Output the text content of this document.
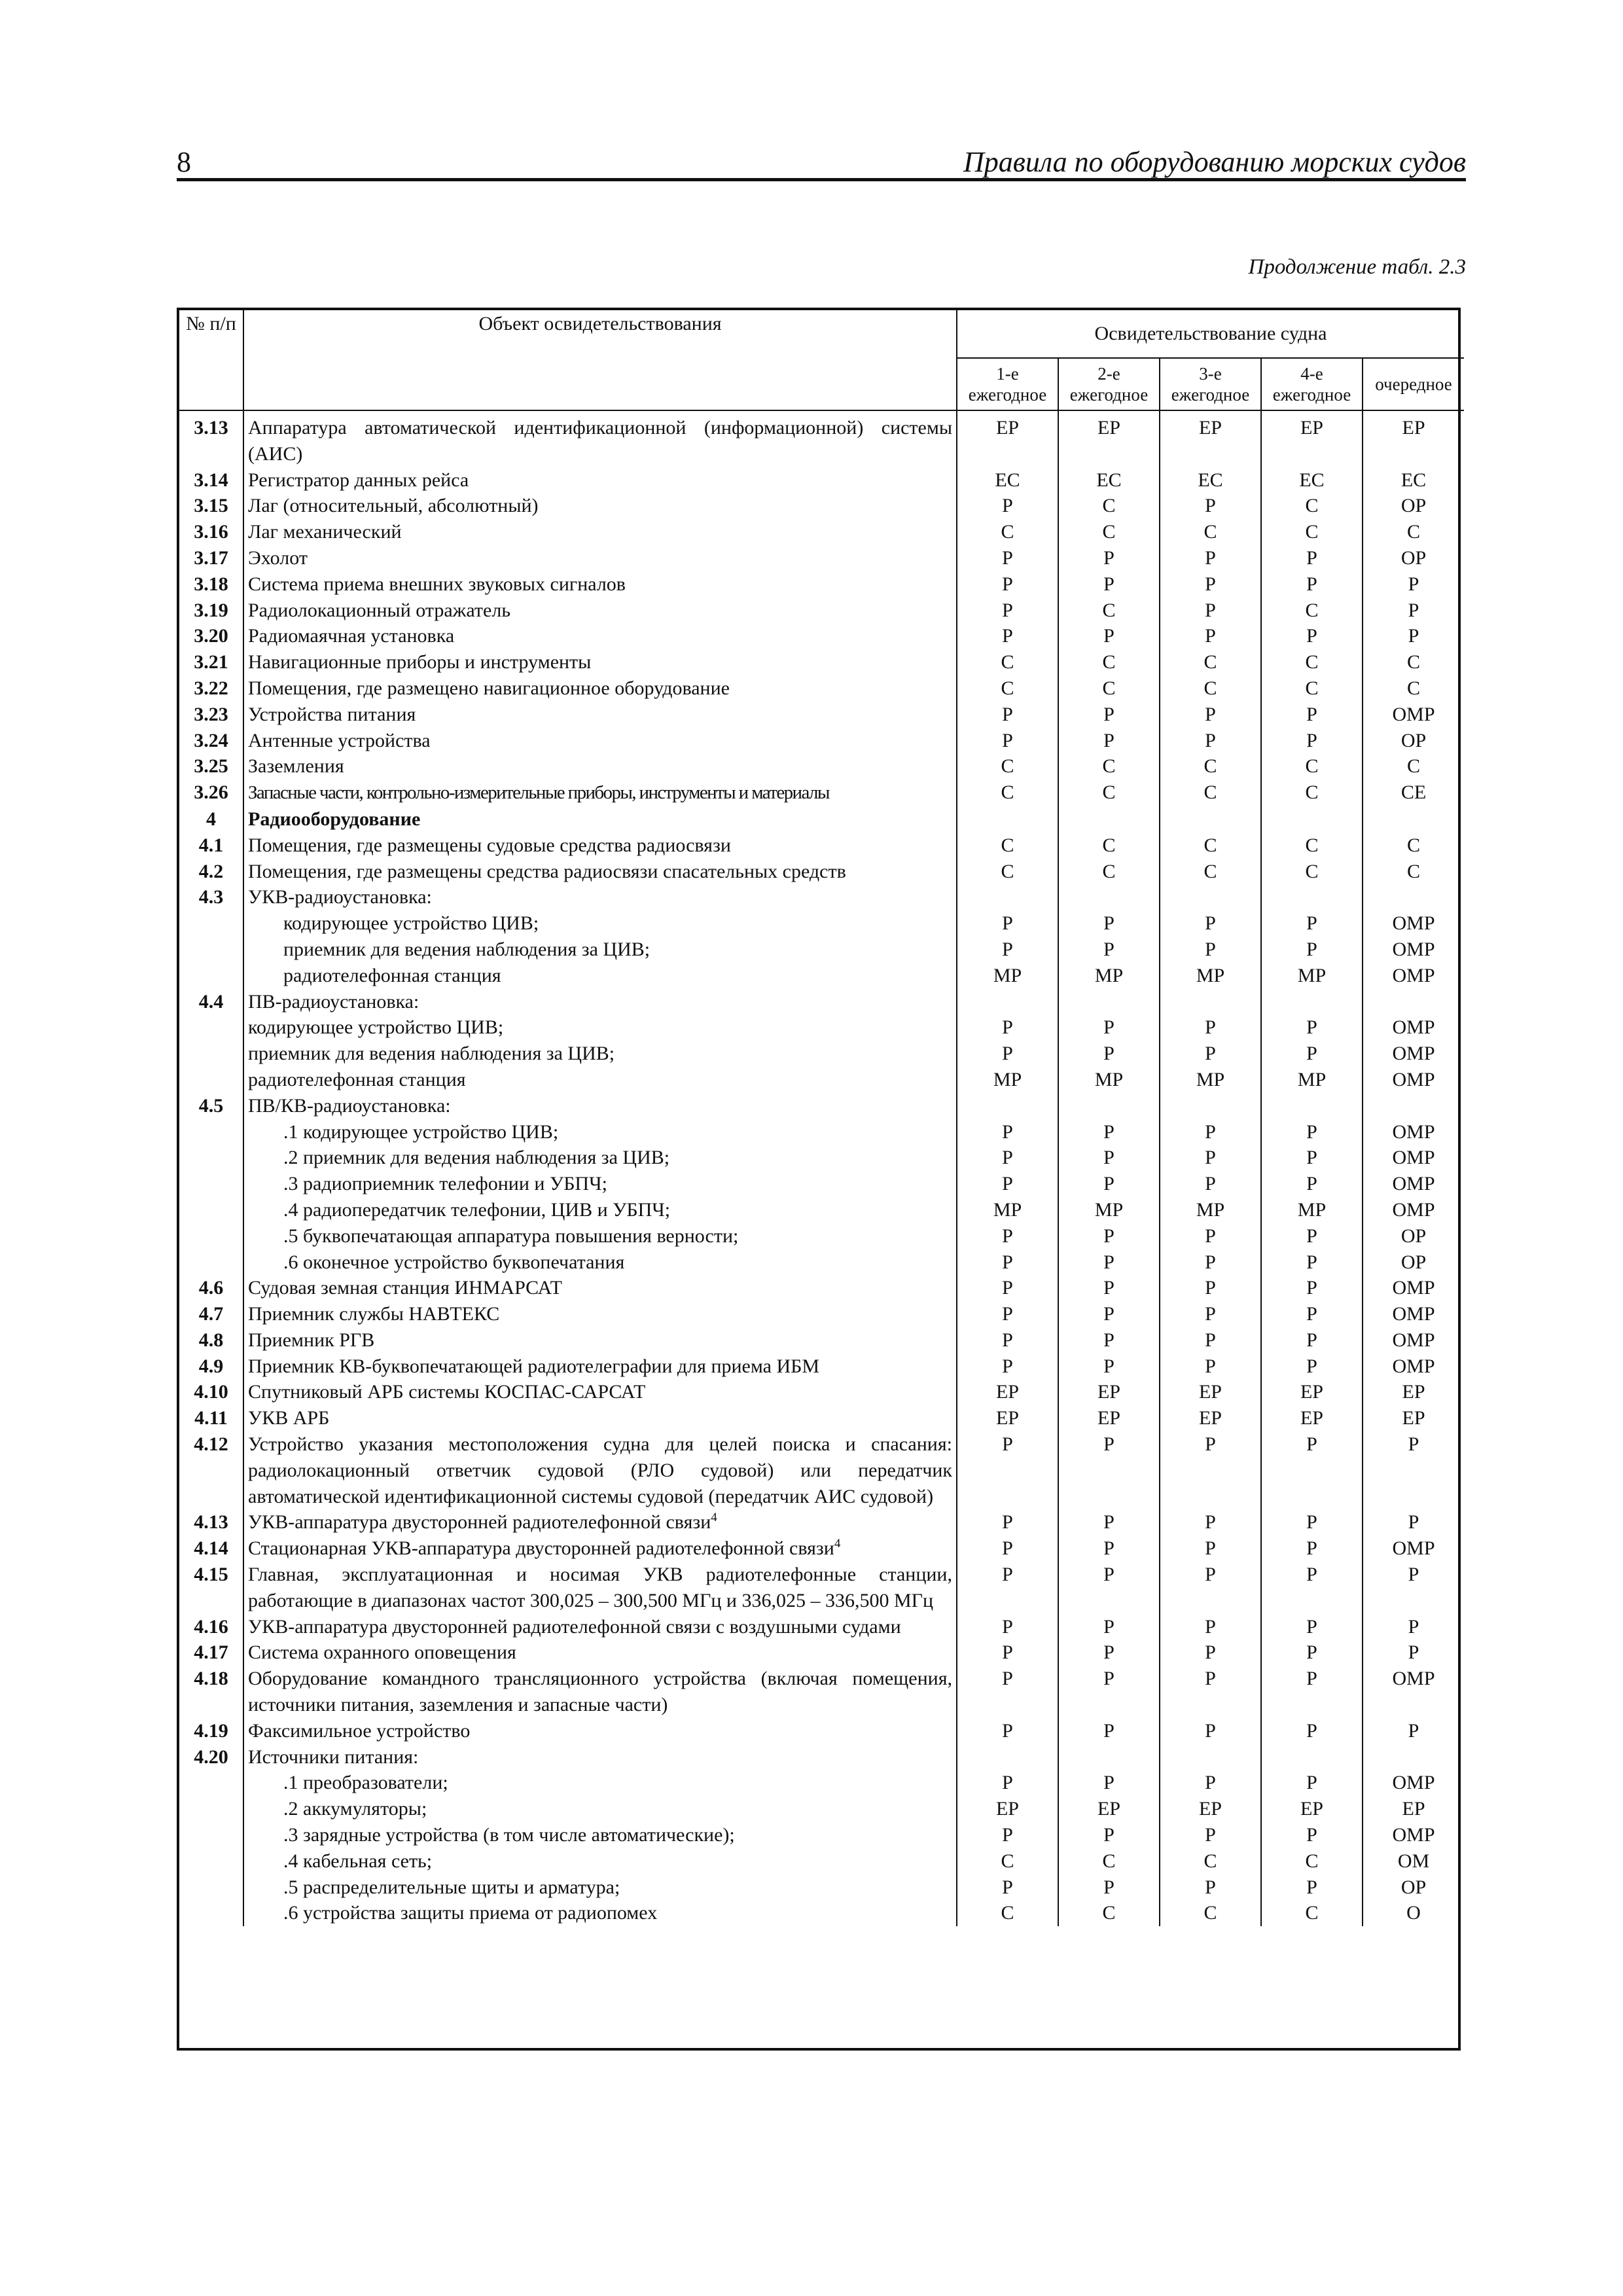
8	Правила по оборудованию морских судов
Продолжение табл. 2.3
№ п/п	Объект освидетельствования	Освидетельствование судна				
		1-е ежегодное	2-е ежегодное	3-е ежегодное	4-е ежегодное	очередное
3.13	Аппаратура автоматической идентификационной (информационной) системы (АИС)	ЕР	ЕР	ЕР	ЕР	ЕР
3.14	Регистратор данных рейса	ЕС	ЕС	ЕС	ЕС	ЕС
3.15	Лаг (относительный, абсолютный)	Р	С	Р	С	ОР
3.16	Лаг механический	С	С	С	С	С
3.17	Эхолот	Р	Р	Р	Р	ОР
3.18	Система приема внешних звуковых сигналов	Р	Р	Р	Р	Р
3.19	Радиолокационный отражатель	Р	С	Р	С	Р
3.20	Радиомаячная установка	Р	Р	Р	Р	Р
3.21	Навигационные приборы и инструменты	С	С	С	С	С
3.22	Помещения, где размещено навигационное оборудование	С	С	С	С	С
3.23	Устройства питания	Р	Р	Р	Р	ОМР
3.24	Антенные устройства	Р	Р	Р	Р	ОР
3.25	Заземления	С	С	С	С	С
3.26	Запасные части, контрольно-измерительные приборы, инструменты и материалы	С	С	С	С	СЕ
4	Радиооборудование					
4.1	Помещения, где размещены судовые средства радиосвязи	С	С	С	С	С
4.2	Помещения, где размещены средства радиосвязи спасательных средств	С	С	С	С	С
4.3	УКВ-радиоустановка:					
	кодирующее устройство ЦИВ;	Р	Р	Р	Р	ОМР
	приемник для ведения наблюдения за ЦИВ;	Р	Р	Р	Р	ОМР
	радиотелефонная станция	МР	МР	МР	МР	ОМР
4.4	ПВ-радиоустановка:					
	кодирующее устройство ЦИВ;	Р	Р	Р	Р	ОМР
	приемник для ведения наблюдения за ЦИВ;	Р	Р	Р	Р	ОМР
	радиотелефонная станция	МР	МР	МР	МР	ОМР
4.5	ПВ/КВ-радиоустановка:					
	.1 кодирующее устройство ЦИВ;	Р	Р	Р	Р	ОМР
	.2 приемник для ведения наблюдения за ЦИВ;	Р	Р	Р	Р	ОМР
	.3 радиоприемник телефонии и УБПЧ;	Р	Р	Р	Р	ОМР
	.4 радиопередатчик телефонии, ЦИВ и УБПЧ;	МР	МР	МР	МР	ОМР
	.5 буквопечатающая аппаратура повышения верности;	Р	Р	Р	Р	ОР
	.6 оконечное устройство буквопечатания	Р	Р	Р	Р	ОР
4.6	Судовая земная станция ИНМАРСАТ	Р	Р	Р	Р	ОМР
4.7	Приемник службы НАВТЕКС	Р	Р	Р	Р	ОМР
4.8	Приемник РГВ	Р	Р	Р	Р	ОМР
4.9	Приемник КВ-буквопечатающей радиотелеграфии для приема ИБМ	Р	Р	Р	Р	ОМР
4.10	Спутниковый АРБ системы КОСПАС-САРСАТ	ЕР	ЕР	ЕР	ЕР	ЕР
4.11	УКВ АРБ	ЕР	ЕР	ЕР	ЕР	ЕР
4.12	Устройство указания местоположения судна для целей поиска и спасания: радиолокационный ответчик судовой (РЛО судовой) или передатчик автоматической идентификационной системы судовой (передатчик АИС судовой)	Р	Р	Р	Р	Р
4.13	УКВ-аппаратура двусторонней радиотелефонной связи$^4$	Р	Р	Р	Р	Р
4.14	Стационарная УКВ-аппаратура двусторонней радиотелефонной связи$^4$	Р	Р	Р	Р	ОМР
4.15	Главная, эксплуатационная и носимая УКВ радиотелефонные станции, работающие в диапазонах частот 300,025 – 300,500 МГц и 336,025 – 336,500 МГц	Р	Р	Р	Р	Р
4.16	УКВ-аппаратура двусторонней радиотелефонной связи с воздушными судами	Р	Р	Р	Р	Р
4.17	Система охранного оповещения	Р	Р	Р	Р	Р
4.18	Оборудование командного трансляционного устройства (включая помещения, источники питания, заземления и запасные части)	Р	Р	Р	Р	ОМР
4.19	Факсимильное устройство	Р	Р	Р	Р	Р
4.20	Источники питания:					
	.1 преобразователи;	Р	Р	Р	Р	ОМР
	.2 аккумуляторы;	ЕР	ЕР	ЕР	ЕР	ЕР
	.3 зарядные устройства (в том числе автоматические);	Р	Р	Р	Р	ОМР
	.4 кабельная сеть;	С	С	С	С	ОМ
	.5 распределительные щиты и арматура;	Р	Р	Р	Р	ОР
	.6 устройства защиты приема от радиопомех	С	С	С	С	О
